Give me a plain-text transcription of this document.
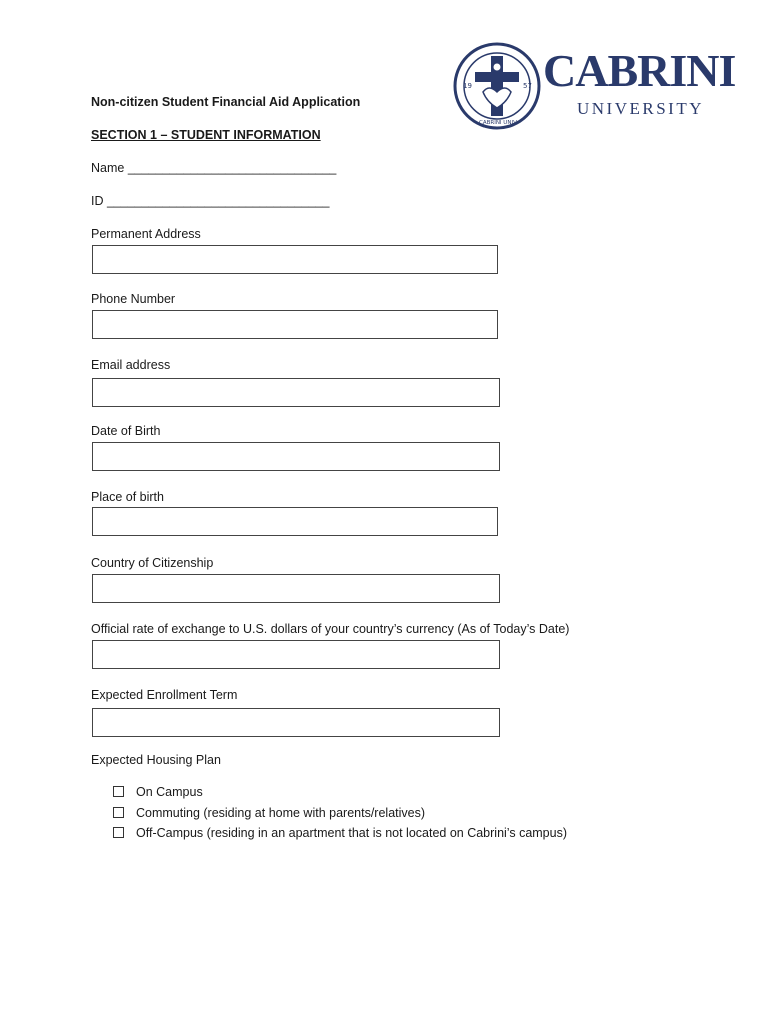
19	57
CABRINI UNIV.
CABRINI
UNIVERSITY
Non-citizen Student Financial Aid Application
SECTION 1 – STUDENT INFORMATION
Name ______________________________
ID ________________________________
Permanent Address
Phone Number
Email address
Date of Birth
Place of birth
Country of Citizenship
Official rate of exchange to U.S. dollars of your country’s currency (As of Today’s Date)
Expected Enrollment Term
Expected Housing Plan
On Campus
Commuting (residing at home with parents/relatives)
Off-Campus (residing in an apartment that is not located on Cabrini’s campus)
